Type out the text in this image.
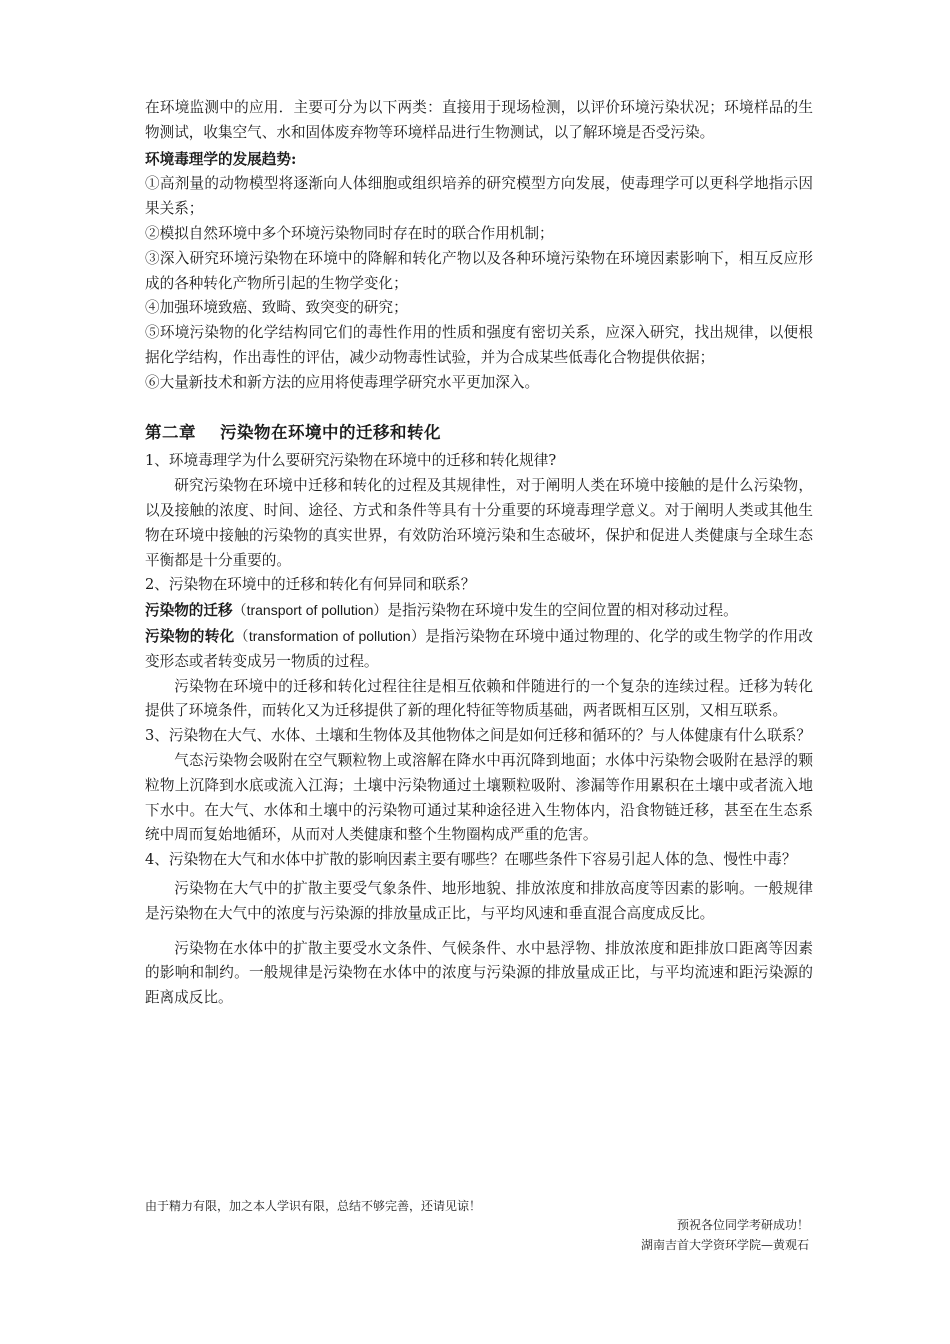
在环境监测中的应用．主要可分为以下两类：直接用于现场检测，以评价环境污染状况；环境样品的生物测试，收集空气、水和固体废弃物等环境样品进行生物测试，以了解环境是否受污染。

环境毒理学的发展趋势:

①高剂量的动物模型将逐渐向人体细胞或组织培养的研究模型方向发展，使毒理学可以更科学地指示因果关系；

②模拟自然环境中多个环境污染物同时存在时的联合作用机制；

③深入研究环境污染物在环境中的降解和转化产物以及各种环境污染物在环境因素影响下，相互反应形成的各种转化产物所引起的生物学变化；

④加强环境致癌、致畸、致突变的研究；

⑤环境污染物的化学结构同它们的毒性作用的性质和强度有密切关系，应深入研究，找出规律，以便根据化学结构，作出毒性的评估，减少动物毒性试验，并为合成某些低毒化合物提供依据；

⑥大量新技术和新方法的应用将使毒理学研究水平更加深入。

第二章 污染物在环境中的迁移和转化

1、环境毒理学为什么要研究污染物在环境中的迁移和转化规律?

研究污染物在环境中迁移和转化的过程及其规律性，对于阐明人类在环境中接触的是什么污染物，以及接触的浓度、时间、途径、方式和条件等具有十分重要的环境毒理学意义。对于阐明人类或其他生物在环境中接触的污染物的真实世界，有效防治环境污染和生态破坏，保护和促进人类健康与全球生态平衡都是十分重要的。

2、污染物在环境中的迁移和转化有何异同和联系？

污染物的迁移（transport of pollution）是指污染物在环境中发生的空间位置的相对移动过程。

污染物的转化（transformation of pollution）是指污染物在环境中通过物理的、化学的或生物学的作用改变形态或者转变成另一物质的过程。

污染物在环境中的迁移和转化过程往往是相互依赖和伴随进行的一个复杂的连续过程。迁移为转化提供了环境条件，而转化又为迁移提供了新的理化特征等物质基础，两者既相互区别，又相互联系。

3、污染物在大气、水体、土壤和生物体及其他物体之间是如何迁移和循环的？与人体健康有什么联系？

气态污染物会吸附在空气颗粒物上或溶解在降水中再沉降到地面；水体中污染物会吸附在悬浮的颗粒物上沉降到水底或流入江海；土壤中污染物通过土壤颗粒吸附、渗漏等作用累积在土壤中或者流入地下水中。在大气、水体和土壤中的污染物可通过某种途径进入生物体内，沿食物链迁移，甚至在生态系统中周而复始地循环，从而对人类健康和整个生物圈构成严重的危害。

4、污染物在大气和水体中扩散的影响因素主要有哪些？在哪些条件下容易引起人体的急、慢性中毒？

污染物在大气中的扩散主要受气象条件、地形地貌、排放浓度和排放高度等因素的影响。一般规律是污染物在大气中的浓度与污染源的排放量成正比，与平均风速和垂直混合高度成反比。

污染物在水体中的扩散主要受水文条件、气候条件、水中悬浮物、排放浓度和距排放口距离等因素的影响和制约。一般规律是污染物在水体中的浓度与污染源的排放量成正比，与平均流速和距污染源的距离成反比。

由于精力有限，加之本人学识有限，总结不够完善，还请见谅！
预祝各位同学考研成功！
湖南吉首大学资环学院—黄观石
